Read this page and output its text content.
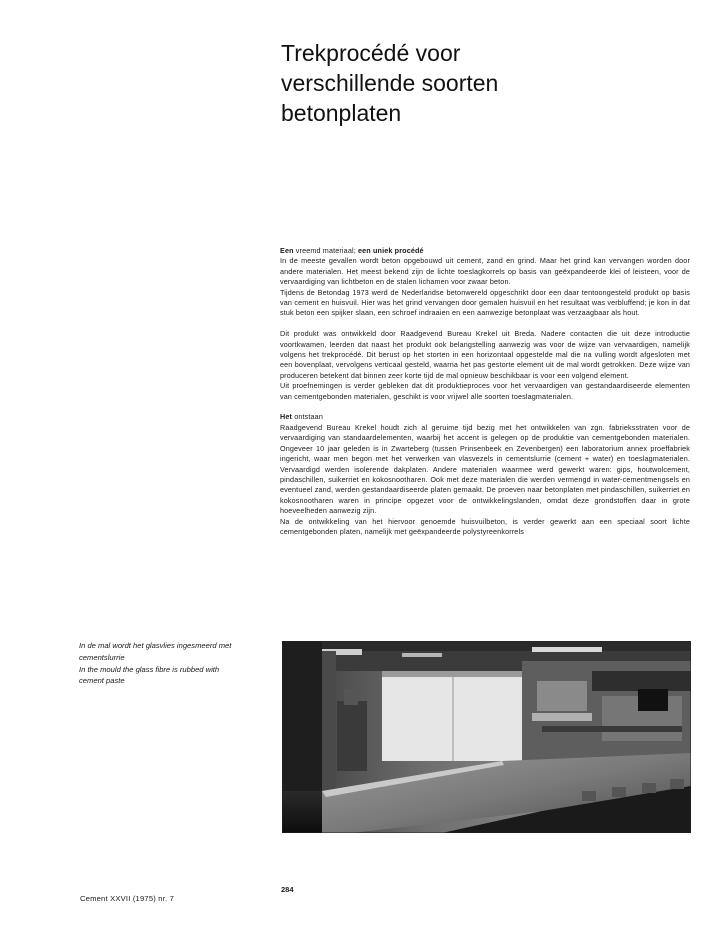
Trekprocédé voor
verschillende soorten
betonplaten

Een vreemd materiaal; een uniek procédé

In de meeste gevallen wordt beton opgebouwd uit cement, zand en grind. Maar het grind kan vervangen worden door andere materialen. Het meest bekend zijn de lichte toeslagkorrels op basis van geëxpandeerde klei of leisteen, voor de vervaardiging van lichtbeton en de stalen lichamen voor zwaar beton.

Tijdens de Betondag 1973 werd de Nederlandse betonwereld opgeschrikt door een daar tentoongesteld produkt op basis van cement en huisvuil. Hier was het grind vervangen door gemalen huisvuil en het resultaat was verbluffend; je kon in dat stuk beton een spijker slaan, een schroef indraaien en een aanwezige betonplaat was verzaagbaar als hout.

Dit produkt was ontwikkeld door Raadgevend Bureau Krekel uit Breda. Nadere contacten die uit deze introductie voortkwamen, leerden dat naast het produkt ook belangstelling aanwezig was voor de wijze van vervaardigen, namelijk volgens het trekprocédé. Dit berust op het storten in een horizontaal opgestelde mal die na vulling wordt afgesloten met een bovenplaat, vervolgens verticaal gesteld, waarna het pas gestorte element uit de mal wordt getrokken. Deze wijze van produceren betekent dat binnen zeer korte tijd de mal opnieuw beschikbaar is voor een volgend element.

Uit proefnemingen is verder gebleken dat dit produktieproces voor het vervaardigen van gestandaardiseerde elementen van cementgebonden materialen, geschikt is voor vrijwel alle soorten toeslagmaterialen.

Het ontstaan

Raadgevend Bureau Krekel houdt zich al geruime tijd bezig met het ontwikkelen van zgn. fabrieksstraten voor de vervaardiging van standaardelementen, waarbij het accent is gelegen op de produktie van cementgebonden materialen. Ongeveer 10 jaar geleden is in Zwarteberg (tussen Prinsenbeek en Zevenbergen) een laboratorium annex proeffabriek ingericht, waar men begon met het verwerken van vlasvezels in cementslurrie (cement + water) en toeslagmaterialen. Vervaardigd werden isolerende dakplaten. Andere materialen waarmee werd gewerkt waren: gips, houtwolcement, pindaschillen, suikerriet en kokosnootharen. Ook met deze materialen die werden vermengd in water-cementmengsels en eventueel zand, werden gestandaardiseerde platen gemaakt. De proeven naar betonplaten met pindaschillen, suikerriet en kokosnootharen waren in principe opgezet voor de ontwikkelingslanden, omdat deze grondstoffen daar in grote hoeveelheden aanwezig zijn.

Na de ontwikkeling van het hiervoor genoemde huisvuilbeton, is verder gewerkt aan een speciaal soort lichte cementgebonden platen, namelijk met geëxpandeerde polystyreenkorrels

In de mal wordt het glasvlies ingesmeerd met
cementslurrie
In the mould the glass fibre is rubbed with
cement paste
284
Cement XXVII (1975) nr. 7
